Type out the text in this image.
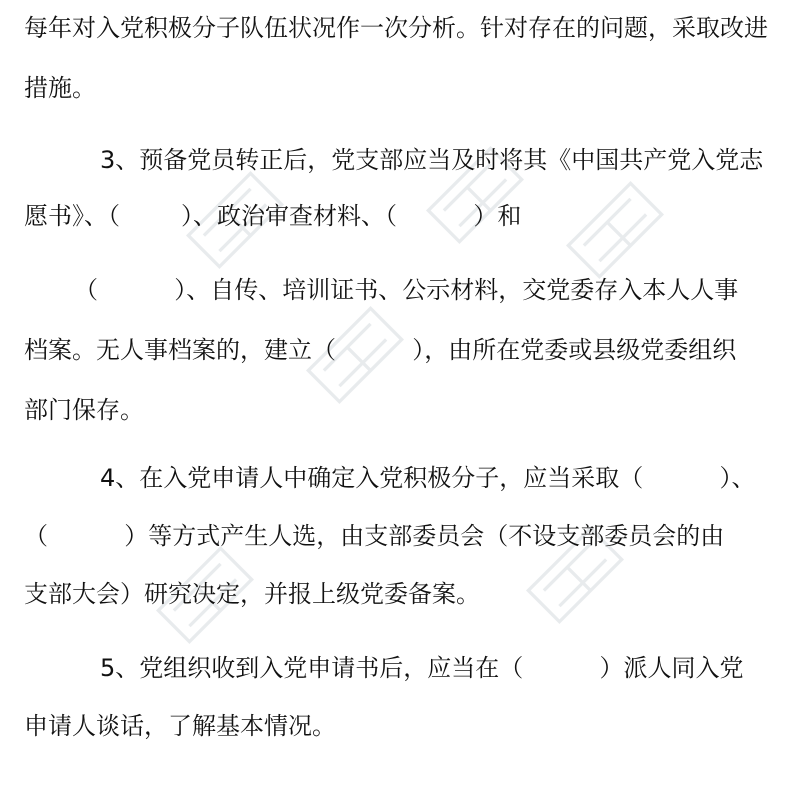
每年对入党积极分子队伍状况作一次分析。针对存在的问题，采取改进
措施。
3、预备党员转正后，党支部应当及时将其《中国共产党入党志
愿书》、（        ）、政治审查材料、（          ）和
（          ）、自传、培训证书、公示材料，交党委存入本人人事
档案。无人事档案的，建立（          ），由所在党委或县级党委组织
部门保存。
4、在入党申请人中确定入党积极分子，应当采取（          ）、
（          ）等方式产生人选，由支部委员会（不设支部委员会的由
支部大会）研究决定，并报上级党委备案。
5、党组织收到入党申请书后，应当在（          ）派人同入党
申请人谈话，了解基本情况。
